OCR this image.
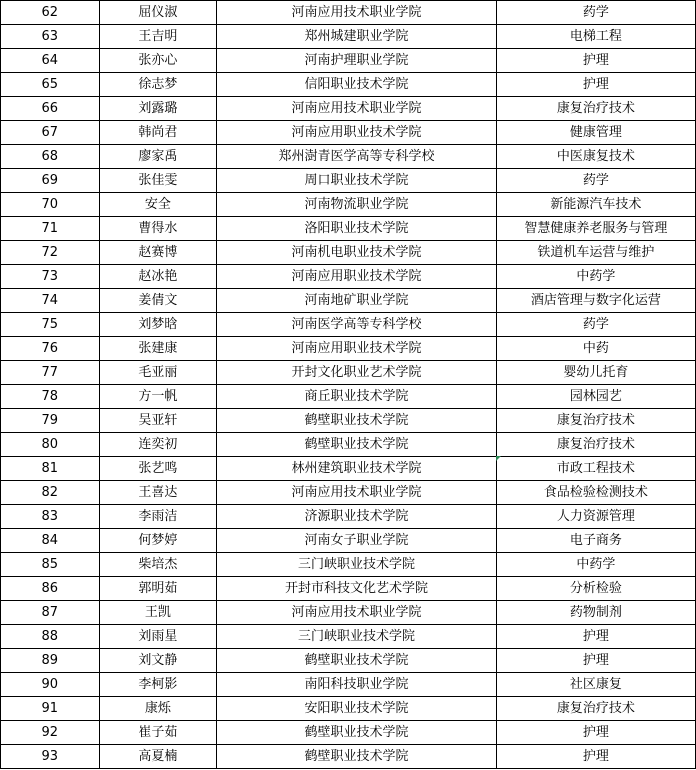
62	屈仪淑	河南应用技术职业学院	药学
63	王吉明	郑州城建职业学院	电梯工程
64	张亦心	河南护理职业学院	护理
65	徐志梦	信阳职业技术学院	护理
66	刘露璐	河南应用技术职业学院	康复治疗技术
67	韩尚君	河南应用职业技术学院	健康管理
68	廖家禹	郑州澍青医学高等专科学校	中医康复技术
69	张佳雯	周口职业技术学院	药学
70	安全	河南物流职业学院	新能源汽车技术
71	曹得水	洛阳职业技术学院	智慧健康养老服务与管理
72	赵赛博	河南机电职业技术学院	铁道机车运营与维护
73	赵冰艳	河南应用职业技术学院	中药学
74	姜倩文	河南地矿职业学院	酒店管理与数字化运营
75	刘梦晗	河南医学高等专科学校	药学
76	张建康	河南应用职业技术学院	中药
77	毛亚丽	开封文化职业艺术学院	婴幼儿托育
78	方一帆	商丘职业技术学院	园林园艺
79	吴亚轩	鹤壁职业技术学院	康复治疗技术
80	连奕初	鹤壁职业技术学院	康复治疗技术
81	张艺鸣	林州建筑职业技术学院	市政工程技术
82	王喜达	河南应用技术职业学院	食品检验检测技术
83	李雨洁	济源职业技术学院	人力资源管理
84	何梦婷	河南女子职业学院	电子商务
85	柴培杰	三门峡职业技术学院	中药学
86	郭明茹	开封市科技文化艺术学院	分析检验
87	王凯	河南应用技术职业学院	药物制剂
88	刘雨星	三门峡职业技术学院	护理
89	刘文静	鹤壁职业技术学院	护理
90	李柯影	南阳科技职业学院	社区康复
91	康烁	安阳职业技术学院	康复治疗技术
92	崔子茹	鹤壁职业技术学院	护理
93	高夏楠	鹤壁职业技术学院	护理
